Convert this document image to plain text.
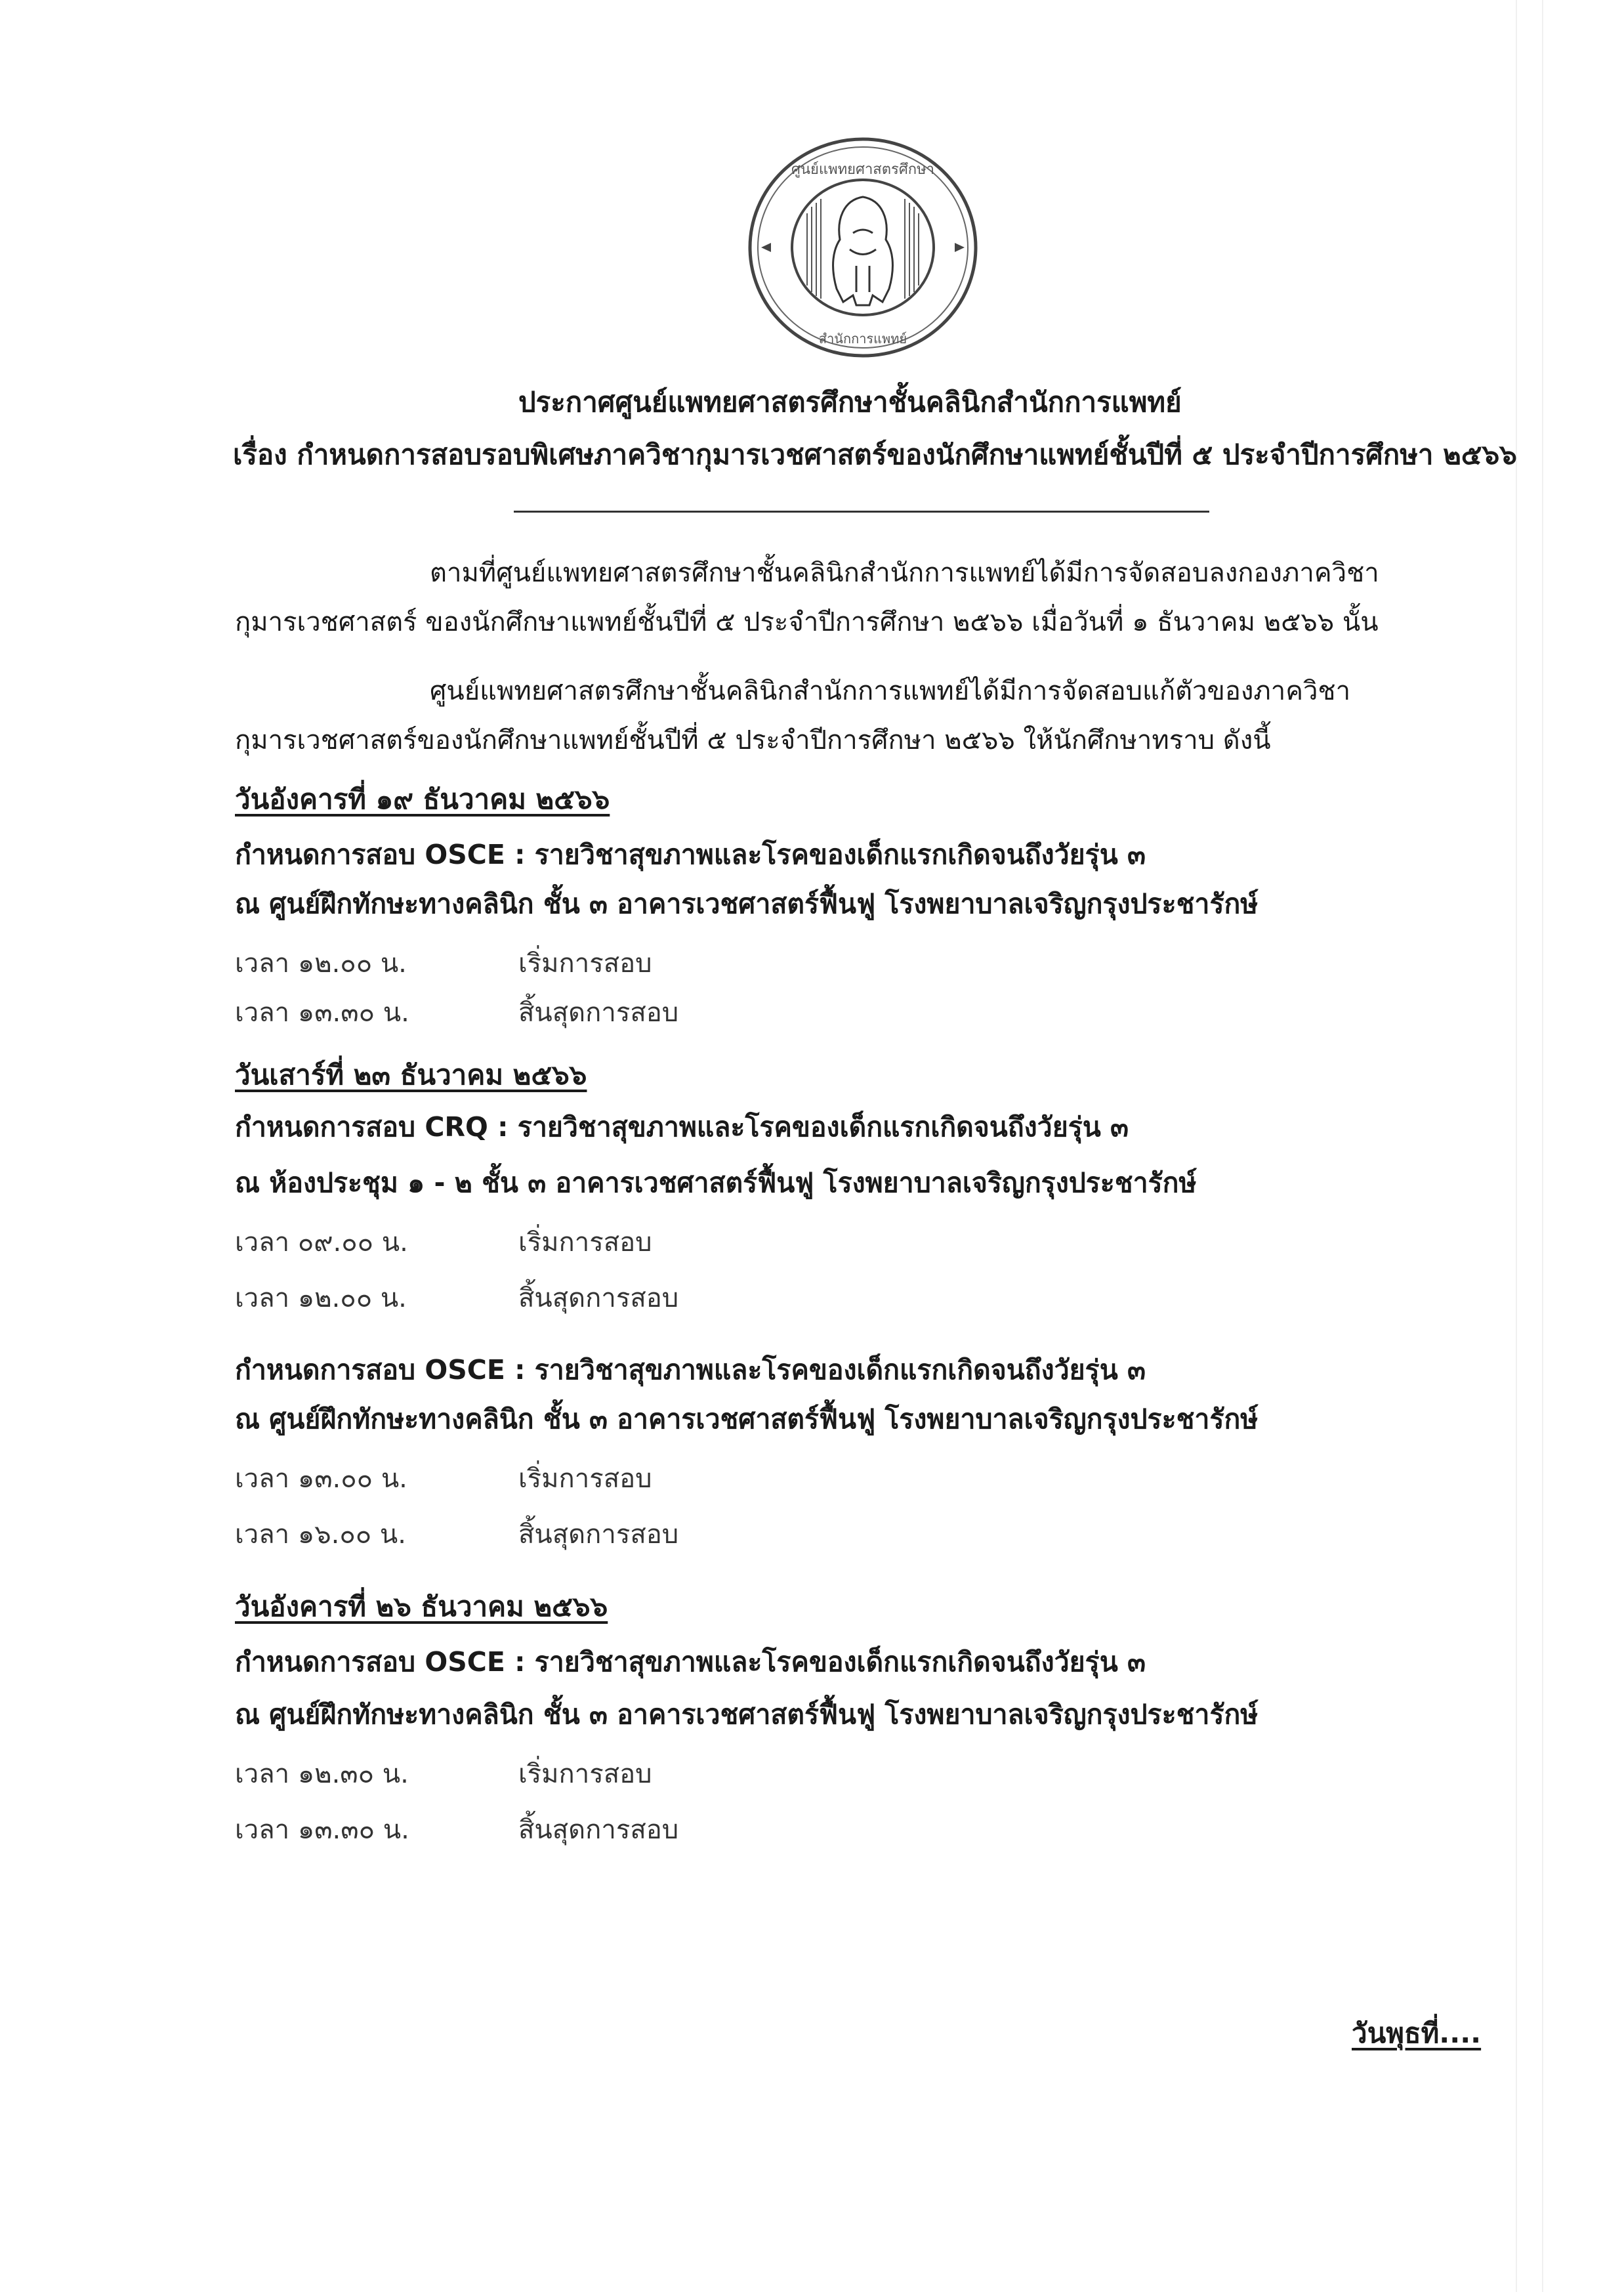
ศูนย์แพทยศาสตรศึกษา
สำนักการแพทย์
ประกาศศูนย์แพทยศาสตรศึกษาชั้นคลินิกสำนักการแพทย์
เรื่อง กำหนดการสอบรอบพิเศษภาควิชากุมารเวชศาสตร์ของนักศึกษาแพทย์ชั้นปีที่ ๕ ประจำปีการศึกษา ๒๕๖๖
ตามที่ศูนย์แพทยศาสตรศึกษาชั้นคลินิกสำนักการแพทย์ได้มีการจัดสอบลงกองภาควิชา
กุมารเวชศาสตร์ ของนักศึกษาแพทย์ชั้นปีที่ ๕ ประจำปีการศึกษา ๒๕๖๖ เมื่อวันที่ ๑ ธันวาคม ๒๕๖๖ นั้น
ศูนย์แพทยศาสตรศึกษาชั้นคลินิกสำนักการแพทย์ได้มีการจัดสอบแก้ตัวของภาควิชา
กุมารเวชศาสตร์ของนักศึกษาแพทย์ชั้นปีที่ ๕ ประจำปีการศึกษา ๒๕๖๖ ให้นักศึกษาทราบ ดังนี้
วันอังคารที่ ๑๙ ธันวาคม ๒๕๖๖
กำหนดการสอบ OSCE : รายวิชาสุขภาพและโรคของเด็กแรกเกิดจนถึงวัยรุ่น ๓
ณ ศูนย์ฝึกทักษะทางคลินิก ชั้น ๓ อาคารเวชศาสตร์ฟื้นฟู โรงพยาบาลเจริญกรุงประชารักษ์
เวลา ๑๒.๐๐ น.	เริ่มการสอบ
เวลา ๑๓.๓๐ น.	สิ้นสุดการสอบ
วันเสาร์ที่ ๒๓ ธันวาคม ๒๕๖๖
กำหนดการสอบ CRQ : รายวิชาสุขภาพและโรคของเด็กแรกเกิดจนถึงวัยรุ่น ๓
ณ ห้องประชุม ๑ - ๒ ชั้น ๓ อาคารเวชศาสตร์ฟื้นฟู โรงพยาบาลเจริญกรุงประชารักษ์
เวลา ๐๙.๐๐ น.	เริ่มการสอบ
เวลา ๑๒.๐๐ น.	สิ้นสุดการสอบ
กำหนดการสอบ OSCE : รายวิชาสุขภาพและโรคของเด็กแรกเกิดจนถึงวัยรุ่น ๓
ณ ศูนย์ฝึกทักษะทางคลินิก ชั้น ๓ อาคารเวชศาสตร์ฟื้นฟู โรงพยาบาลเจริญกรุงประชารักษ์
เวลา ๑๓.๐๐ น.	เริ่มการสอบ
เวลา ๑๖.๐๐ น.	สิ้นสุดการสอบ
วันอังคารที่ ๒๖ ธันวาคม ๒๕๖๖
กำหนดการสอบ OSCE : รายวิชาสุขภาพและโรคของเด็กแรกเกิดจนถึงวัยรุ่น ๓
ณ ศูนย์ฝึกทักษะทางคลินิก ชั้น ๓ อาคารเวชศาสตร์ฟื้นฟู โรงพยาบาลเจริญกรุงประชารักษ์
เวลา ๑๒.๓๐ น.	เริ่มการสอบ
เวลา ๑๓.๓๐ น.	สิ้นสุดการสอบ
วันพุธที่....
